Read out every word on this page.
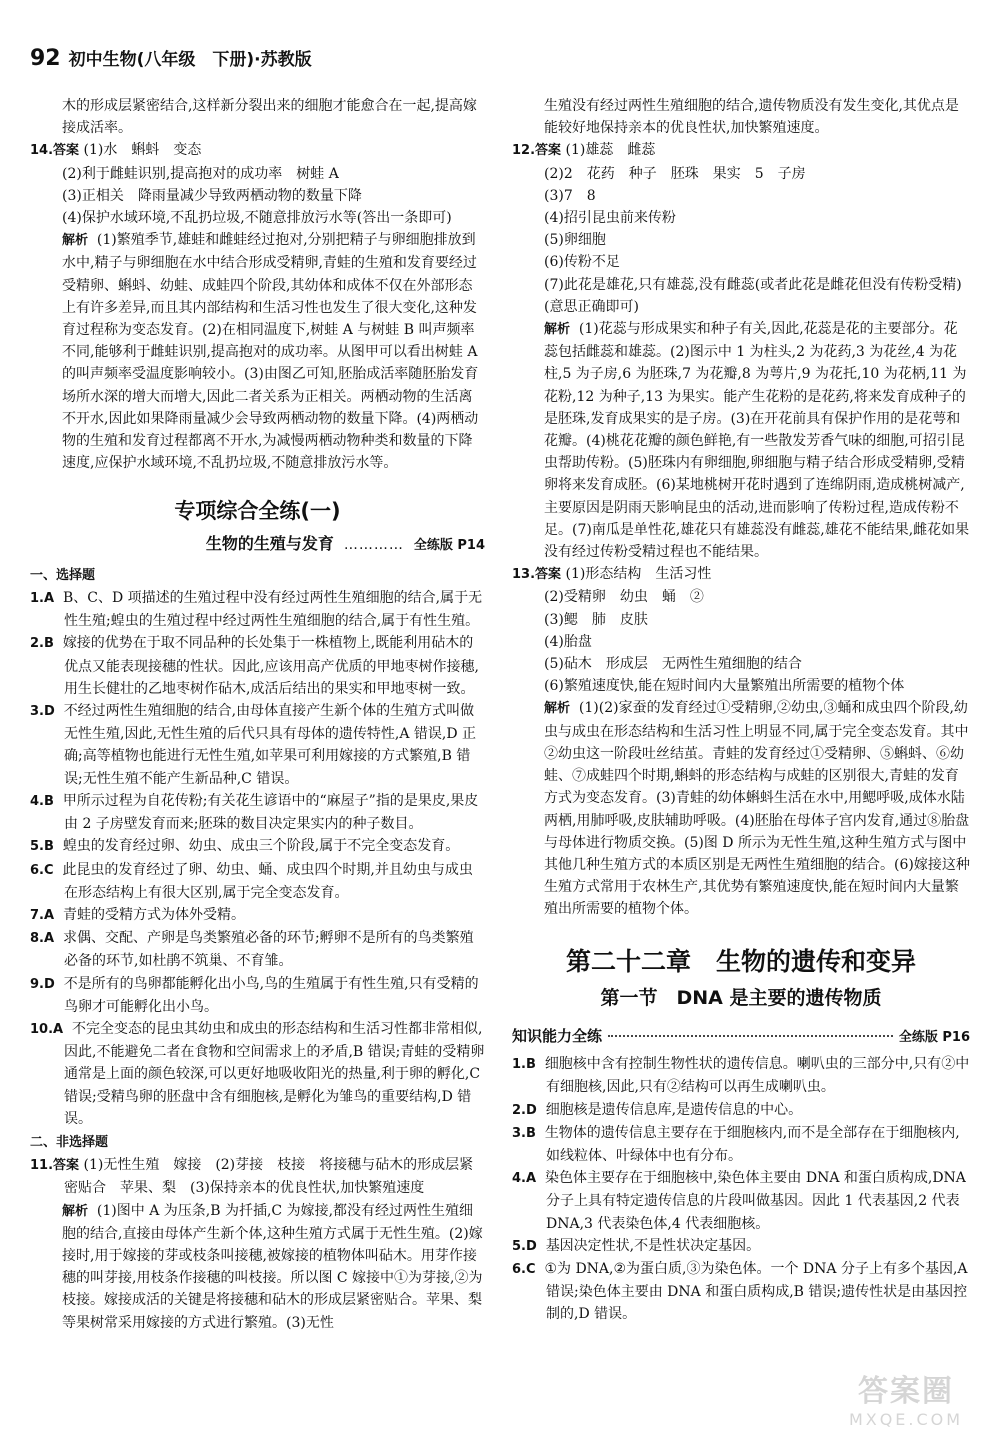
92 初中生物(八年级　下册)·苏教版

木的形成层紧密结合,这样新分裂出来的细胞才能愈合在一起,提高嫁接成活率。

14.答案 (1)水　蝌蚪　变态

(2)利于雌蛙识别,提高抱对的成功率　树蛙 A

(3)正相关　降雨量减少导致两栖动物的数量下降

(4)保护水域环境,不乱扔垃圾,不随意排放污水等(答出一条即可)

解析 (1)繁殖季节,雄蛙和雌蛙经过抱对,分别把精子与卵细胞排放到水中,精子与卵细胞在水中结合形成受精卵,青蛙的生殖和发育要经过受精卵、蝌蚪、幼蛙、成蛙四个阶段,其幼体和成体不仅在外部形态上有许多差异,而且其内部结构和生活习性也发生了很大变化,这种发育过程称为变态发育。(2)在相同温度下,树蛙 A 与树蛙 B 叫声频率不同,能够利于雌蛙识别,提高抱对的成功率。从图甲可以看出树蛙 A 的叫声频率受温度影响较小。(3)由图乙可知,胚胎成活率随胚胎发育场所水深的增大而增大,因此二者关系为正相关。两栖动物的生活离不开水,因此如果降雨量减少会导致两栖动物的数量下降。(4)两栖动物的生殖和发育过程都离不开水,为减慢两栖动物种类和数量的下降速度,应保护水域环境,不乱扔垃圾,不随意排放污水等。

专项综合全练(一)
生物的生殖与发育 ………… 全练版 P14

一、选择题

1.A B、C、D 项描述的生殖过程中没有经过两性生殖细胞的结合,属于无性生殖;蝗虫的生殖过程中经过两性生殖细胞的结合,属于有性生殖。

2.B 嫁接的优势在于取不同品种的长处集于一株植物上,既能利用砧木的优点又能表现接穗的性状。因此,应该用高产优质的甲地枣树作接穗,用生长健壮的乙地枣树作砧木,成活后结出的果实和甲地枣树一致。

3.D 不经过两性生殖细胞的结合,由母体直接产生新个体的生殖方式叫做无性生殖,因此,无性生殖的后代只具有母体的遗传特性,A 错误,D 正确;高等植物也能进行无性生殖,如苹果可利用嫁接的方式繁殖,B 错误;无性生殖不能产生新品种,C 错误。

4.B 甲所示过程为自花传粉;有关花生谚语中的“麻屋子”指的是果皮,果皮由 2 子房壁发育而来;胚珠的数目决定果实内的种子数目。

5.B 蝗虫的发育经过卵、幼虫、成虫三个阶段,属于不完全变态发育。

6.C 此昆虫的发育经过了卵、幼虫、蛹、成虫四个时期,并且幼虫与成虫在形态结构上有很大区别,属于完全变态发育。

7.A 青蛙的受精方式为体外受精。

8.A 求偶、交配、产卵是鸟类繁殖必备的环节;孵卵不是所有的鸟类繁殖必备的环节,如杜鹃不筑巢、不育雏。

9.D 不是所有的鸟卵都能孵化出小鸟,鸟的生殖属于有性生殖,只有受精的鸟卵才可能孵化出小鸟。

10.A 不完全变态的昆虫其幼虫和成虫的形态结构和生活习性都非常相似,因此,不能避免二者在食物和空间需求上的矛盾,B 错误;青蛙的受精卵通常是上面的颜色较深,可以更好地吸收阳光的热量,利于卵的孵化,C 错误;受精鸟卵的胚盘中含有细胞核,是孵化为雏鸟的重要结构,D 错误。

二、非选择题

11.答案 (1)无性生殖　嫁接　(2)芽接　枝接　将接穗与砧木的形成层紧密贴合　苹果、梨　(3)保持亲本的优良性状,加快繁殖速度

解析 (1)图中 A 为压条,B 为扦插,C 为嫁接,都没有经过两性生殖细胞的结合,直接由母体产生新个体,这种生殖方式属于无性生殖。(2)嫁接时,用于嫁接的芽或枝条叫接穗,被嫁接的植物体叫砧木。用芽作接穗的叫芽接,用枝条作接穗的叫枝接。所以图 C 嫁接中①为芽接,②为枝接。嫁接成活的关键是将接穗和砧木的形成层紧密贴合。苹果、梨等果树常采用嫁接的方式进行繁殖。(3)无性

生殖没有经过两性生殖细胞的结合,遗传物质没有发生变化,其优点是能较好地保持亲本的优良性状,加快繁殖速度。

12.答案 (1)雄蕊　雌蕊

(2)2　花药　种子　胚珠　果实　5　子房

(3)7　8

(4)招引昆虫前来传粉

(5)卵细胞

(6)传粉不足

(7)此花是雄花,只有雄蕊,没有雌蕊(或者此花是雌花但没有传粉受精)(意思正确即可)

解析 (1)花蕊与形成果实和种子有关,因此,花蕊是花的主要部分。花蕊包括雌蕊和雄蕊。(2)图示中 1 为柱头,2 为花药,3 为花丝,4 为花柱,5 为子房,6 为胚珠,7 为花瓣,8 为萼片,9 为花托,10 为花柄,11 为花粉,12 为种子,13 为果实。能产生花粉的是花药,将来发育成种子的是胚珠,发育成果实的是子房。(3)在开花前具有保护作用的是花萼和花瓣。(4)桃花花瓣的颜色鲜艳,有一些散发芳香气味的细胞,可招引昆虫帮助传粉。(5)胚珠内有卵细胞,卵细胞与精子结合形成受精卵,受精卵将来发育成胚。(6)某地桃树开花时遇到了连绵阴雨,造成桃树减产,主要原因是阴雨天影响昆虫的活动,进而影响了传粉过程,造成传粉不足。(7)南瓜是单性花,雄花只有雄蕊没有雌蕊,雄花不能结果,雌花如果没有经过传粉受精过程也不能结果。

13.答案 (1)形态结构　生活习性

(2)受精卵　幼虫　蛹　②

(3)鳃　肺　皮肤

(4)胎盘

(5)砧木　形成层　无两性生殖细胞的结合

(6)繁殖速度快,能在短时间内大量繁殖出所需要的植物个体

解析 (1)(2)家蚕的发育经过①受精卵,②幼虫,③蛹和成虫四个阶段,幼虫与成虫在形态结构和生活习性上明显不同,属于完全变态发育。其中②幼虫这一阶段吐丝结茧。青蛙的发育经过①受精卵、⑤蝌蚪、⑥幼蛙、⑦成蛙四个时期,蝌蚪的形态结构与成蛙的区别很大,青蛙的发育方式为变态发育。(3)青蛙的幼体蝌蚪生活在水中,用鳃呼吸,成体水陆两栖,用肺呼吸,皮肤辅助呼吸。(4)胚胎在母体子宫内发育,通过⑧胎盘与母体进行物质交换。(5)图 D 所示为无性生殖,这种生殖方式与图中其他几种生殖方式的本质区别是无两性生殖细胞的结合。(6)嫁接这种生殖方式常用于农林生产,其优势有繁殖速度快,能在短时间内大量繁殖出所需要的植物个体。

第二十二章　生物的遗传和变异
第一节　DNA 是主要的遗传物质
知识能力全练	全练版 P16

1.B 细胞核中含有控制生物性状的遗传信息。喇叭虫的三部分中,只有②中有细胞核,因此,只有②结构可以再生成喇叭虫。

2.D 细胞核是遗传信息库,是遗传信息的中心。

3.B 生物体的遗传信息主要存在于细胞核内,而不是全部存在于细胞核内,如线粒体、叶绿体中也有分布。

4.A 染色体主要存在于细胞核中,染色体主要由 DNA 和蛋白质构成,DNA 分子上具有特定遗传信息的片段叫做基因。因此 1 代表基因,2 代表 DNA,3 代表染色体,4 代表细胞核。

5.D 基因决定性状,不是性状决定基因。

6.C ①为 DNA,②为蛋白质,③为染色体。一个 DNA 分子上有多个基因,A 错误;染色体主要由 DNA 和蛋白质构成,B 错误;遗传性状是由基因控制的,D 错误。

答案圈
MXQE.COM
